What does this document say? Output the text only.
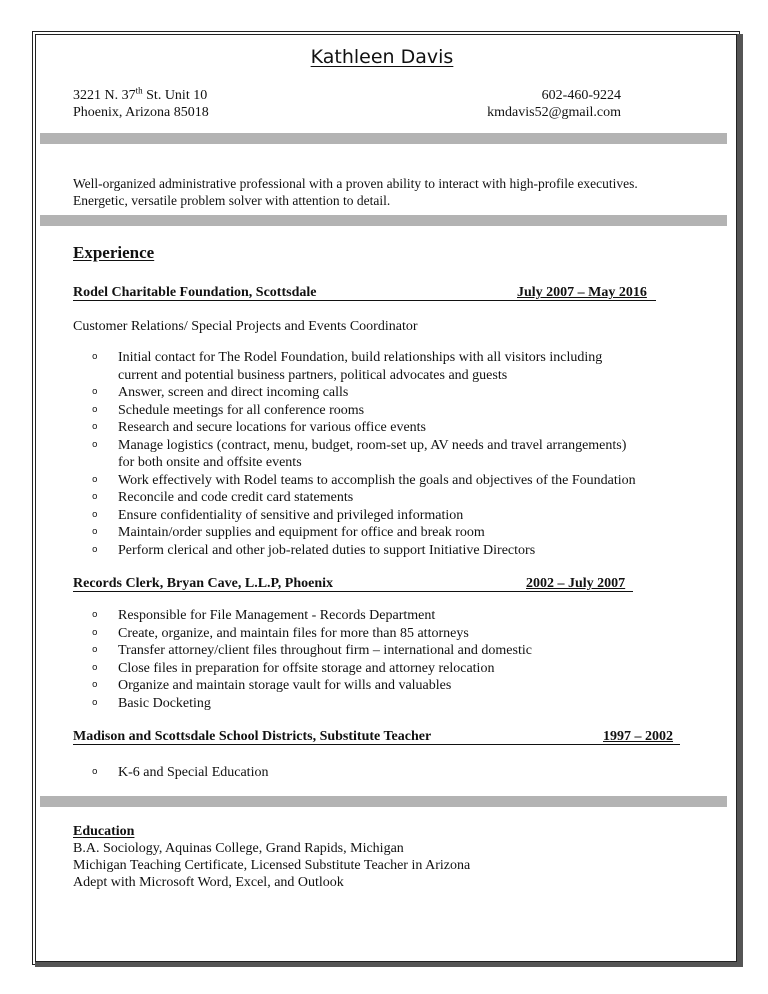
Kathleen Davis
3221 N. 37th St. Unit 10
Phoenix, Arizona 85018
602-460-9224
kmdavis52@gmail.com
Well-organized administrative professional with a proven ability to interact with high-profile executives.
Energetic, versatile problem solver with attention to detail.
Experience
Rodel Charitable Foundation, Scottsdale	July 2007 – May 2016
Customer Relations/ Special Projects and Events Coordinator
o Initial contact for The Rodel Foundation, build relationships with all visitors including
current and potential business partners, political advocates and guests
o Answer, screen and direct incoming calls
o Schedule meetings for all conference rooms
o Research and secure locations for various office events
o Manage logistics (contract, menu, budget, room-set up, AV needs and travel arrangements)
for both onsite and offsite events
o Work effectively with Rodel teams to accomplish the goals and objectives of the Foundation
o Reconcile and code credit card statements
o Ensure confidentiality of sensitive and privileged information
o Maintain/order supplies and equipment for office and break room
o Perform clerical and other job-related duties to support Initiative Directors
Records Clerk, Bryan Cave, L.L.P, Phoenix	2002 – July 2007
o Responsible for File Management - Records Department
o Create, organize, and maintain files for more than 85 attorneys
o Transfer attorney/client files throughout firm – international and domestic
o Close files in preparation for offsite storage and attorney relocation
o Organize and maintain storage vault for wills and valuables
o Basic Docketing
Madison and Scottsdale School Districts, Substitute Teacher	1997 – 2002
o K-6 and Special Education
Education
B.A. Sociology, Aquinas College, Grand Rapids, Michigan
Michigan Teaching Certificate, Licensed Substitute Teacher in Arizona
Adept with Microsoft Word, Excel, and Outlook
